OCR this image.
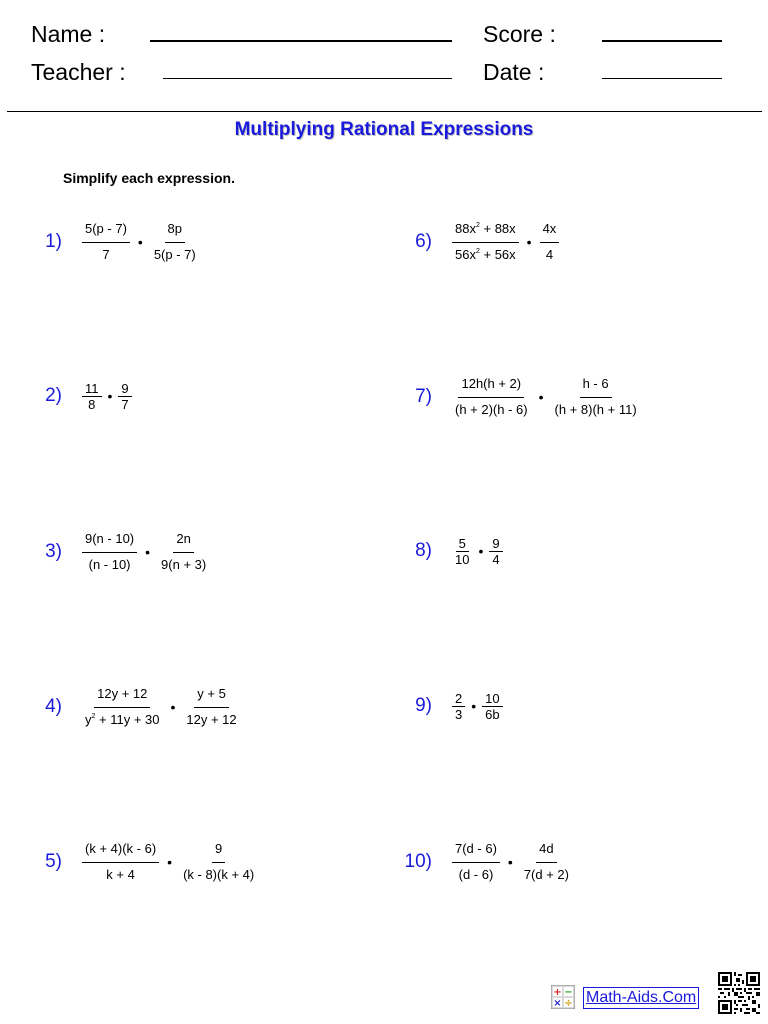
Name :	Score :
Teacher :	Date :
Multiplying Rational Expressions
Simplify each expression.
$1) \frac{5(p - 7)}{7}$ • $\frac{8p}{5(p - 7)}$
$2) \frac{11}{8}$ • $\frac{9}{7}$
$3) \frac{9(n - 10)}{(n - 10)}$ • $\frac{2n}{9(n + 3)}$
$4) \frac{12y + 12}{y^2 + 11y + 30}$ • $\frac{y + 5}{12y + 12}$
$5) \frac{(k + 4)(k - 6)}{k + 4}$ • $\frac{9}{(k - 8)(k + 4)}$
$6) \frac{88x^2 + 88x}{56x^2 + 56x}$ • $\frac{4x}{4}$
$7) \frac{12h(h + 2)}{(h + 2)(h - 6)}$ • $\frac{h - 6}{(h + 8)(h + 11)}$
$8) \frac{5}{10}$ • $\frac{9}{4}$
$9) \frac{2}{3}$ • $\frac{10}{6b}$
$10) \frac{7(d - 6)}{(d - 6)}$ • $\frac{4d}{7(d + 2)}$
+ −
× ÷ Math-Aids.Com
